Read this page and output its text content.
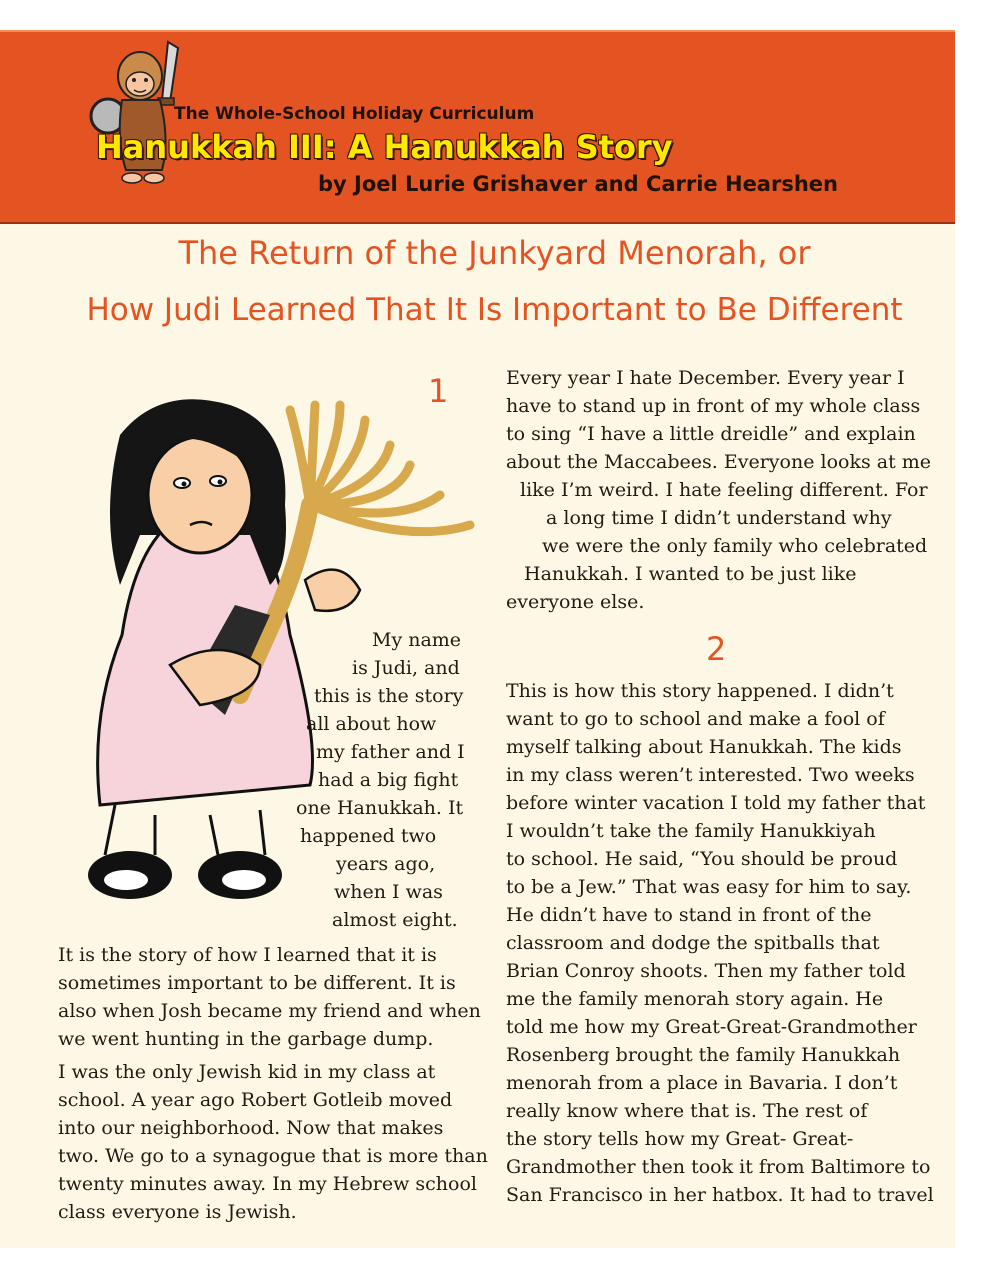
The Whole-School Holiday Curriculum
Hanukkah III: A Hanukkah Story
by Joel Lurie Grishaver and Carrie Hearshen
The Return of the Junkyard Menorah, or
How Judi Learned That It Is Important to Be Different
1
My name
is Judi, and
this is the story
all about how
my father and I
had a big fight
one Hanukkah. It
happened two
years ago,
when I was
almost eight.

It is the story of how I learned that it is sometimes important to be different. It is also when Josh became my friend and when we went hunting in the garbage dump.

I was the only Jewish kid in my class at school. A year ago Robert Gotleib moved into our neighborhood. Now that makes two. We go to a synagogue that is more than twenty minutes away. In my Hebrew school class everyone is Jewish.

Every year I hate December. Every year I
have to stand up in front of my whole class
to sing “I have a little dreidle” and explain
about the Maccabees. Everyone looks at me
like I’m weird. I hate feeling different. For
a long time I didn’t understand why
we were the only family who celebrated
Hanukkah. I wanted to be just like
everyone else.
2
This is how this story happened. I didn’t
want to go to school and make a fool of
myself talking about Hanukkah. The kids
in my class weren’t interested. Two weeks
before winter vacation I told my father that
I wouldn’t take the family Hanukkiyah
to school. He said, “You should be proud
to be a Jew.” That was easy for him to say.
He didn’t have to stand in front of the
classroom and dodge the spitballs that
Brian Conroy shoots. Then my father told
me the family menorah story again. He
told me how my Great-Great-Grandmother
Rosenberg brought the family Hanukkah
menorah from a place in Bavaria. I don’t
really know where that is. The rest of
the story tells how my Great- Great-
Grandmother then took it from Baltimore to
San Francisco in her hatbox. It had to travel
